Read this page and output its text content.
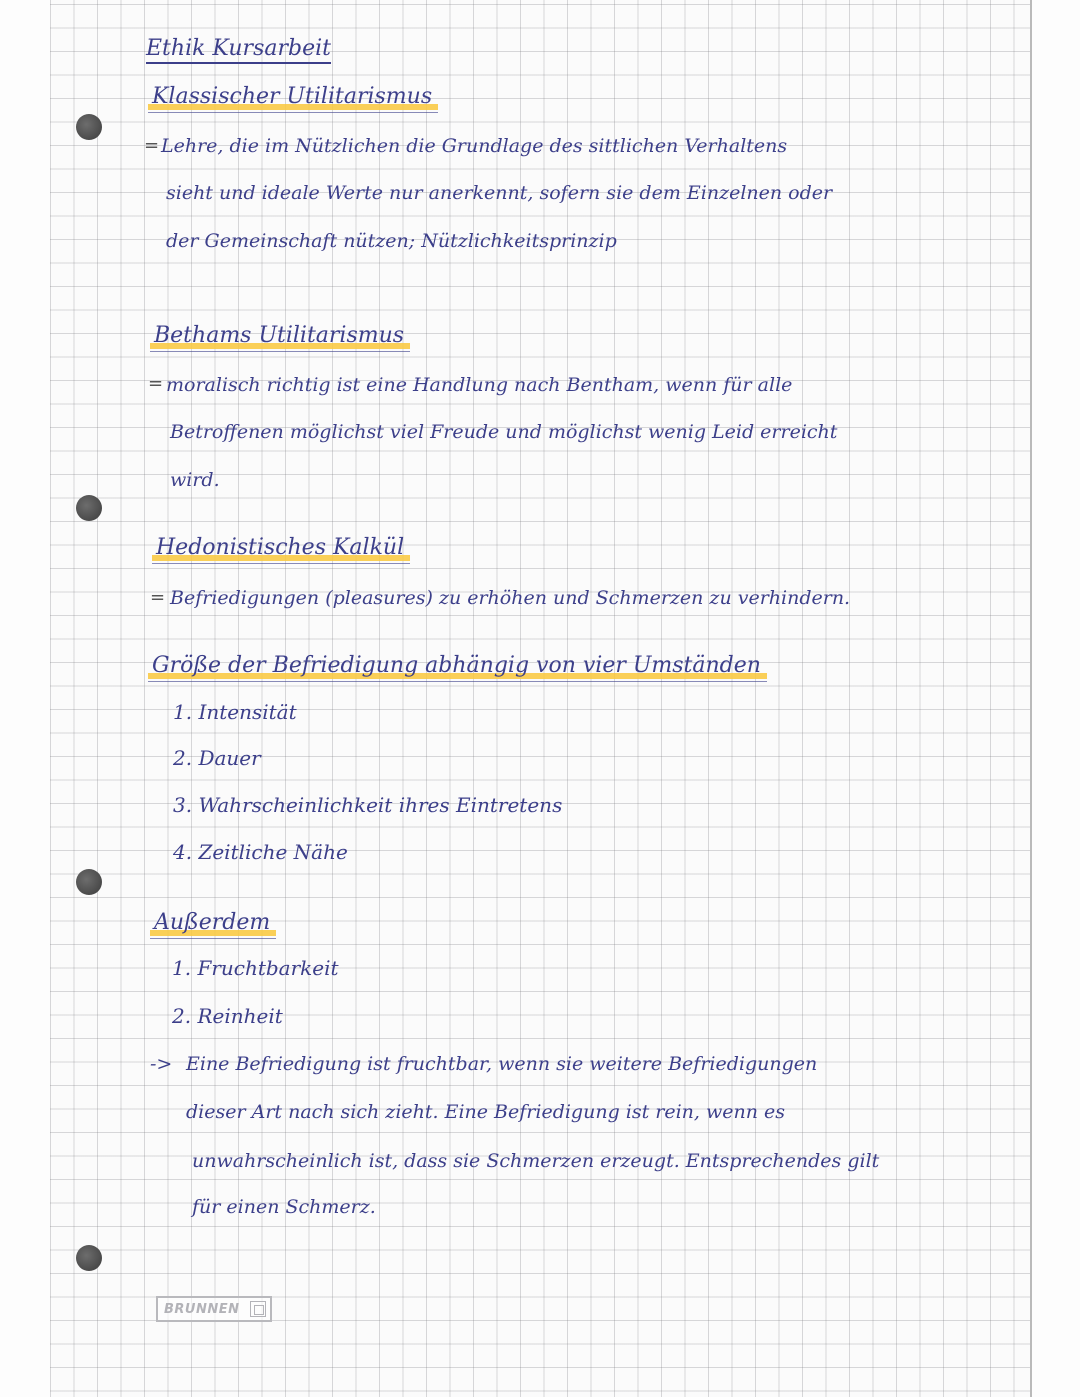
Ethik Kursarbeit
Klassischer Utilitarismus
= Lehre, die im Nützlichen die Grundlage des sittlichen Verhaltens
sieht und ideale Werte nur anerkennt, sofern sie dem Einzelnen oder
der Gemeinschaft nützen; Nützlichkeitsprinzip
Bethams Utilitarismus
= moralisch richtig ist eine Handlung nach Bentham, wenn für alle
Betroffenen möglichst viel Freude und möglichst wenig Leid erreicht
wird.
Hedonistisches Kalkül
= Befriedigungen (pleasures) zu erhöhen und Schmerzen zu verhindern.
Größe der Befriedigung abhängig von vier Umständen
1. Intensität
2. Dauer
3. Wahrscheinlichkeit ihres Eintretens
4. Zeitliche Nähe
Außerdem
1. Fruchtbarkeit
2. Reinheit
-> Eine Befriedigung ist fruchtbar, wenn sie weitere Befriedigungen
dieser Art nach sich zieht. Eine Befriedigung ist rein, wenn es
unwahrscheinlich ist, dass sie Schmerzen erzeugt. Entsprechendes gilt
für einen Schmerz.
BRUNNEN
